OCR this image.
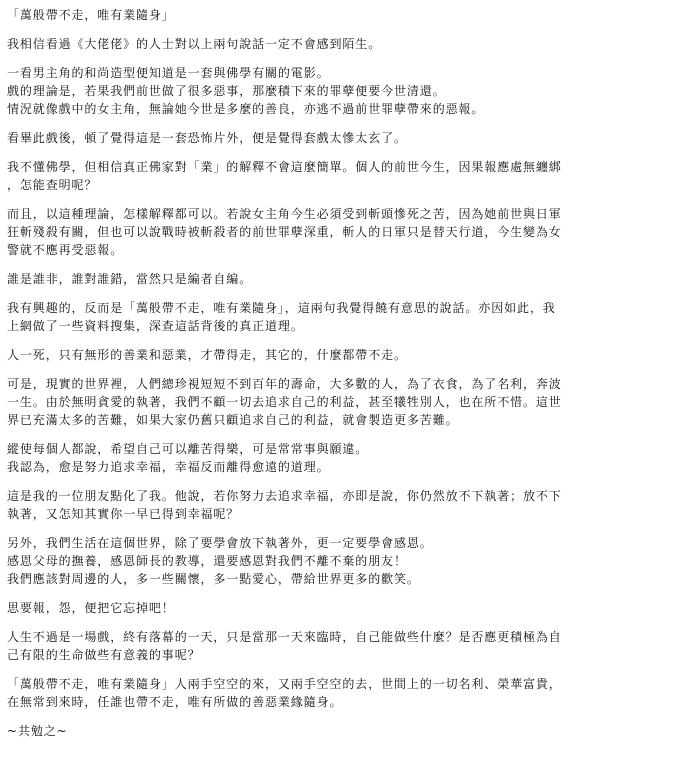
「萬般帶不走，唯有業隨身」

我相信看過《大佬佬》的人士對以上兩句說話一定不會感到陌生。

一看男主角的和尚造型便知道是一套與佛學有關的電影。
戲的理論是，若果我們前世做了很多惡事，那麼積下來的罪孽便要今世清還。
情況就像戲中的女主角，無論她今世是多麼的善良，亦逃不過前世罪孽帶來的惡報。

看畢此戲後，頓了覺得這是一套恐怖片外，便是覺得套戲太慘太玄了。

我不懂佛學，但相信真正佛家對「業」的解釋不會這麼簡單。個人的前世今生，因果報應處無纏綁
，怎能查明呢？

而且，以這種理論，怎樣解釋都可以。若說女主角今生必須受到斬頭慘死之苦，因為她前世與日軍
狂斬殘殺有關，但也可以說戰時被斬殺者的前世罪孽深重，斬人的日軍只是替天行道，今生變為女
警就不應再受惡報。

誰是誰非，誰對誰錯，當然只是編者自編。

我有興趣的，反而是「萬般帶不走，唯有業隨身」，這兩句我覺得饒有意思的說話。亦因如此，我
上網做了一些資料搜集，深查這話背後的真正道理。

人一死，只有無形的善業和惡業，才帶得走，其它的，什麼都帶不走。

可是，現實的世界裡，人們總珍視短短不到百年的壽命，大多數的人，為了衣食，為了名利，奔波
一生。由於無明貪愛的執著，我們不顧一切去追求自己的利益，甚至犧牲別人，也在所不惜。這世
界已充滿太多的苦難，如果大家仍舊只顧追求自己的利益，就會製造更多苦難。

縱使每個人都說，希望自己可以離苦得樂，可是常常事與願違。
我認為，愈是努力追求幸福，幸福反而離得愈遠的道理。

這是我的一位朋友點化了我。他說，若你努力去追求幸福，亦即是說，你仍然放不下執著；放不下
執著，又怎知其實你一早已得到幸福呢？

另外，我們生活在這個世界，除了要學會放下執著外，更一定要學會感恩。
感恩父母的撫養，感恩師長的教導，還要感恩對我們不離不棄的朋友！
我們應該對周邊的人，多一些關懷，多一點愛心，帶給世界更多的歡笑。

思要報，怨，便把它忘掉吧！

人生不過是一場戲，終有落幕的一天，只是當那一天來臨時，自己能做些什麼？是否應更積極為自
己有限的生命做些有意義的事呢？

「萬般帶不走，唯有業隨身」人兩手空空的來，又兩手空空的去，世間上的一切名利、榮華富貴，
在無常到來時，任誰也帶不走，唯有所做的善惡業緣隨身。

~共勉之~
